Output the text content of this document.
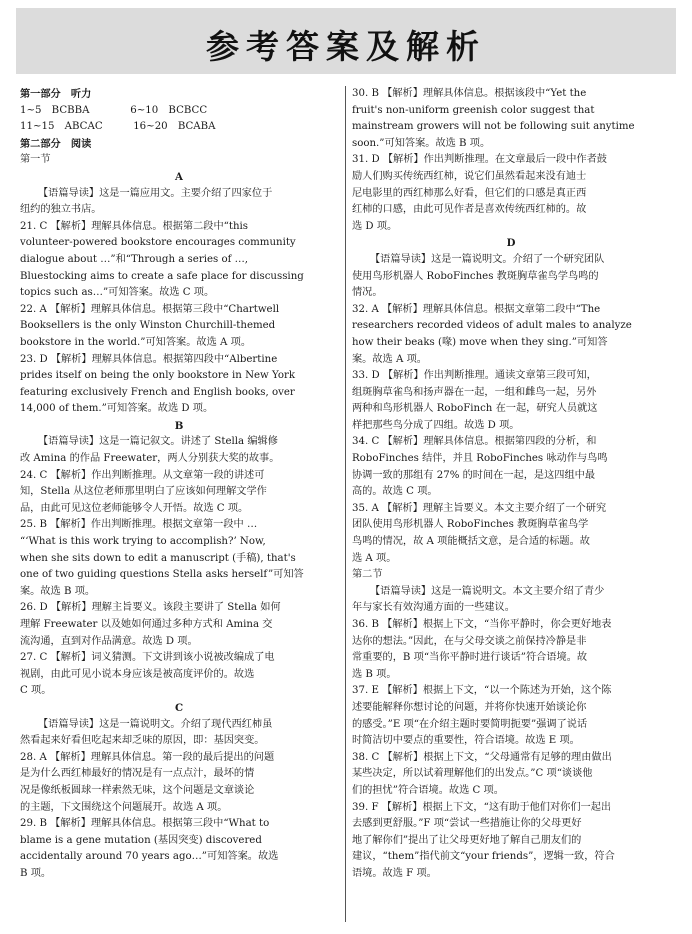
参考答案及解析
第一部分　听力
1~5　BCBBA　　　　6~10　BCBCC
11~15　ABCAC　　　16~20　BCABA
第二部分　阅读
第一节
A
【语篇导读】这是一篇应用文。主要介绍了四家位于
纽约的独立书店。
21. C 【解析】理解具体信息。根据第二段中“this
volunteer-powered bookstore encourages community
dialogue about …”和“Through a series of …,
Bluestocking aims to create a safe place for discussing
topics such as…”可知答案。故选 C 项。
22. A 【解析】理解具体信息。根据第三段中“Chartwell
Booksellers is the only Winston Churchill-themed
bookstore in the world.”可知答案。故选 A 项。
23. D 【解析】理解具体信息。根据第四段中“Albertine
prides itself on being the only bookstore in New York
featuring exclusively French and English books, over
14,000 of them.”可知答案。故选 D 项。
B
【语篇导读】这是一篇记叙文。讲述了 Stella 编辑修
改 Amina 的作品 Freewater，两人分别获大奖的故事。
24. C 【解析】作出判断推理。从文章第一段的讲述可
知，Stella 从这位老师那里明白了应该如何理解文学作
品，由此可见这位老师能够令人开悟。故选 C 项。
25. B 【解析】作出判断推理。根据文章第一段中 …
“‘What is this work trying to accomplish?’ Now,
when she sits down to edit a manuscript (手稿), that's
one of two guiding questions Stella asks herself”可知答
案。故选 B 项。
26. D 【解析】理解主旨要义。该段主要讲了 Stella 如何
理解 Freewater 以及她如何通过多种方式和 Amina 交
流沟通，直到对作品满意。故选 D 项。
27. C 【解析】词义猜测。下文讲到该小说被改编成了电
视剧，由此可见小说本身应该是被高度评价的。故选
C 项。
C
【语篇导读】这是一篇说明文。介绍了现代西红柿虽
然看起来好看但吃起来却乏味的原因，即：基因突变。
28. A 【解析】理解具体信息。第一段的最后提出的问题
是为什么西红柿最好的情况是有一点点汁，最坏的情
况是像纸板圆球一样索然无味，这个问题是文章谈论
的主题，下文围绕这个问题展开。故选 A 项。
29. B 【解析】理解具体信息。根据第三段中“What to
blame is a gene mutation (基因突变) discovered
accidentally around 70 years ago…”可知答案。故选
B 项。
30. B 【解析】理解具体信息。根据该段中“Yet the
fruit's non-uniform greenish color suggest that
mainstream growers will not be following suit anytime
soon.”可知答案。故选 B 项。
31. D 【解析】作出判断推理。在文章最后一段中作者鼓
励人们购买传统西红柿，说它们虽然看起来没有迪士
尼电影里的西红柿那么好看，但它们的口感是真正西
红柿的口感，由此可见作者是喜欢传统西红柿的。故
选 D 项。
D
【语篇导读】这是一篇说明文。介绍了一个研究团队
使用鸟形机器人 RoboFinches 教斑胸草雀鸟学鸟鸣的
情况。
32. A 【解析】理解具体信息。根据文章第二段中“The
researchers recorded videos of adult males to analyze
how their beaks (喙) move when they sing.”可知答
案。故选 A 项。
33. D 【解析】作出判断推理。通读文章第三段可知，
组斑胸草雀鸟和扬声器在一起，一组和雌鸟一起，另外
两种和鸟形机器人 RoboFinch 在一起，研究人员就这
样把那些鸟分成了四组。故选 D 项。
34. C 【解析】理解具体信息。根据第四段的分析，和
RoboFinches 结伴，并且 RoboFinches 咏动作与鸟鸣
协调一致的那组有 27% 的时间在一起，是这四组中最
高的。故选 C 项。
35. A 【解析】理解主旨要义。本文主要介绍了一个研究
团队使用鸟形机器人 RoboFinches 教斑胸草雀鸟学
鸟鸣的情况，故 A 项能概括文意，是合适的标题。故
选 A 项。
第二节
【语篇导读】这是一篇说明文。本文主要介绍了青少
年与家长有效沟通方面的一些建议。
36. B 【解析】根据上下文，“当你平静时，你会更好地表
达你的想法。”因此，在与父母交谈之前保持冷静是非
常重要的，B 项“当你平静时进行谈话”符合语境。故
选 B 项。
37. E 【解析】根据上下文，“以一个陈述为开始，这个陈
述要能解释你想讨论的问题，并将你快速开始谈论你
的感受。”E 项“在介绍主题时要简明扼要”强调了说话
时简洁切中要点的重要性，符合语境。故选 E 项。
38. C 【解析】根据上下文，“父母通常有足够的理由做出
某些决定，所以试着理解他们的出发点。”C 项“谈谈他
们的担忧”符合语境。故选 C 项。
39. F 【解析】根据上下文，“这有助于他们对你们一起出
去感到更舒服。”F 项“尝试一些措施让你的父母更好
地了解你们”提出了让父母更好地了解自己朋友们的
建议，“them”指代前文“your friends”，逻辑一致，符合
语境。故选 F 项。
